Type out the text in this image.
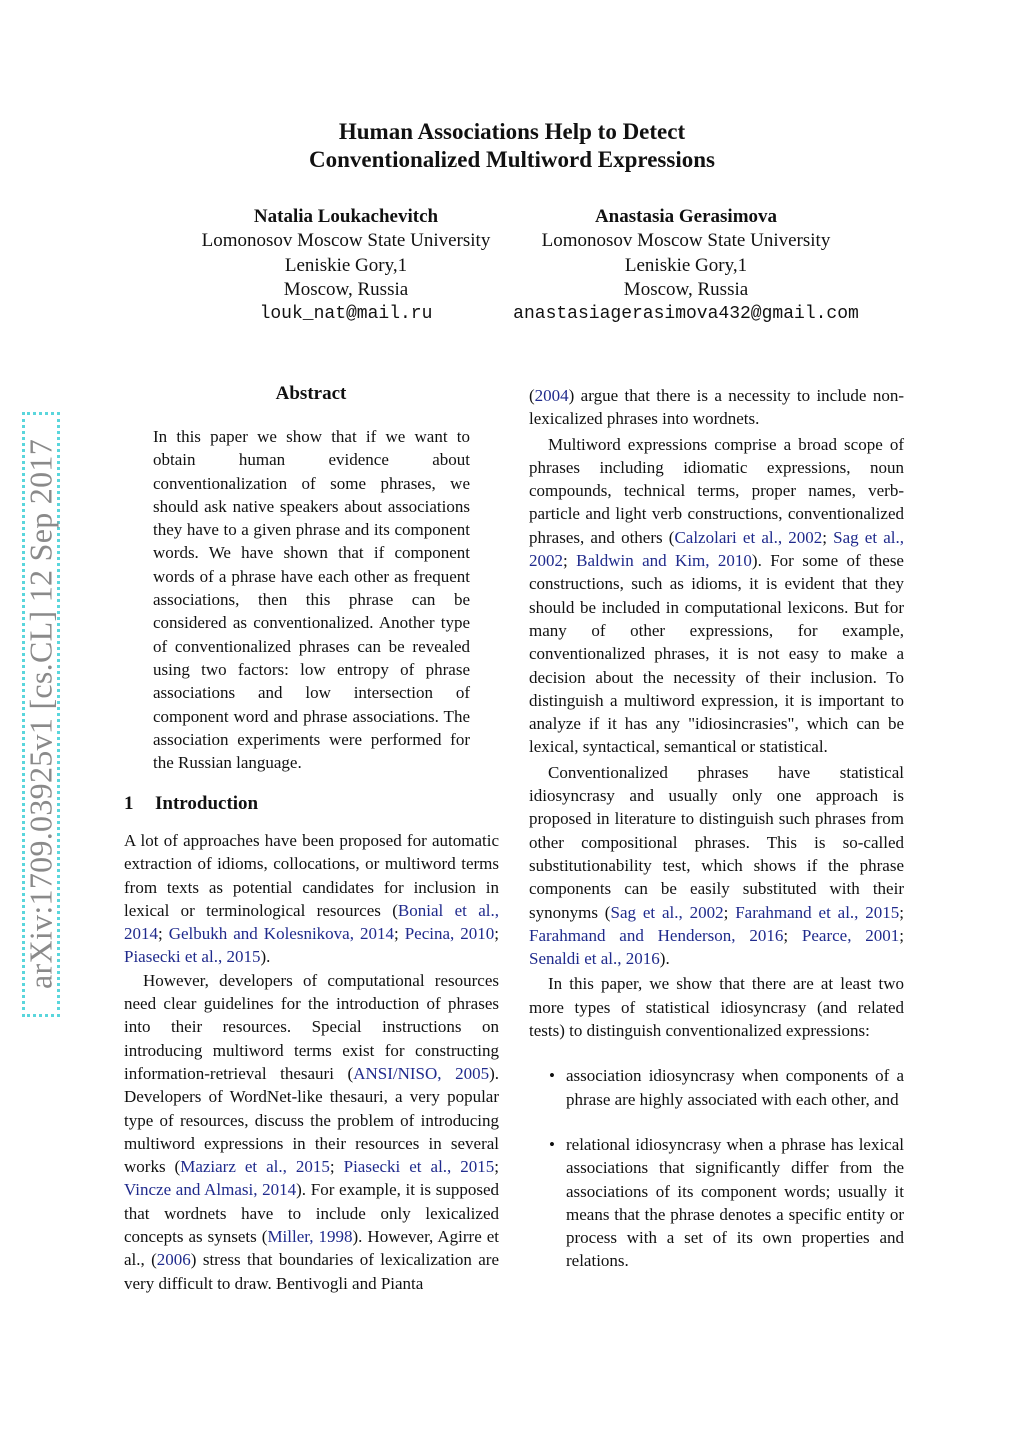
Human Associations Help to Detect
Conventionalized Multiword Expressions
Natalia Loukachevitch
Lomonosov Moscow State University
Leniskie Gory,1
Moscow, Russia
louk_nat@mail.ru
Anastasia Gerasimova
Lomonosov Moscow State University
Leniskie Gory,1
Moscow, Russia
anastasiagerasimova432@gmail.com
arXiv:1709.03925v1 [cs.CL] 12 Sep 2017
Abstract
In this paper we show that if we want to obtain human evidence about conventionalization of some phrases, we should ask native speakers about associations they have to a given phrase and its component words. We have shown that if component words of a phrase have each other as frequent associations, then this phrase can be considered as conventionalized. Another type of conventionalized phrases can be revealed using two factors: low entropy of phrase associations and low intersection of component word and phrase associations. The association experiments were performed for the Russian language.
1 Introduction

A lot of approaches have been proposed for automatic extraction of idioms, collocations, or multiword terms from texts as potential candidates for inclusion in lexical or terminological resources (Bonial et al., 2014; Gelbukh and Kolesnikova, 2014; Pecina, 2010; Piasecki et al., 2015).

However, developers of computational resources need clear guidelines for the introduction of phrases into their resources. Special instructions on introducing multiword terms exist for constructing information-retrieval thesauri (ANSI/NISO, 2005). Developers of WordNet-like thesauri, a very popular type of resources, discuss the problem of introducing multiword expressions in their resources in several works (Maziarz et al., 2015; Piasecki et al., 2015; Vincze and Almasi, 2014). For example, it is supposed that wordnets have to include only lexicalized concepts as synsets (Miller, 1998). However, Agirre et al., (2006) stress that boundaries of lexicalization are very difficult to draw. Bentivogli and Pianta

(2004) argue that there is a necessity to include non-lexicalized phrases into wordnets.

Multiword expressions comprise a broad scope of phrases including idiomatic expressions, noun compounds, technical terms, proper names, verb-particle and light verb constructions, conventionalized phrases, and others (Calzolari et al., 2002; Sag et al., 2002; Baldwin and Kim, 2010). For some of these constructions, such as idioms, it is evident that they should be included in computational lexicons. But for many of other expressions, for example, conventionalized phrases, it is not easy to make a decision about the necessity of their inclusion. To distinguish a multiword expression, it is important to analyze if it has any "idiosincrasies", which can be lexical, syntactical, semantical or statistical.

Conventionalized phrases have statistical idiosyncrasy and usually only one approach is proposed in literature to distinguish such phrases from other compositional phrases. This is so-called substitutionability test, which shows if the phrase components can be easily substituted with their synonyms (Sag et al., 2002; Farahmand et al., 2015; Farahmand and Henderson, 2016; Pearce, 2001; Senaldi et al., 2016).

In this paper, we show that there are at least two more types of statistical idiosyncrasy (and related tests) to distinguish conventionalized expressions:

• association idiosyncrasy when components of a phrase are highly associated with each other, and
• relational idiosyncrasy when a phrase has lexical associations that significantly differ from the associations of its component words; usually it means that the phrase denotes a specific entity or process with a set of its own properties and relations.
